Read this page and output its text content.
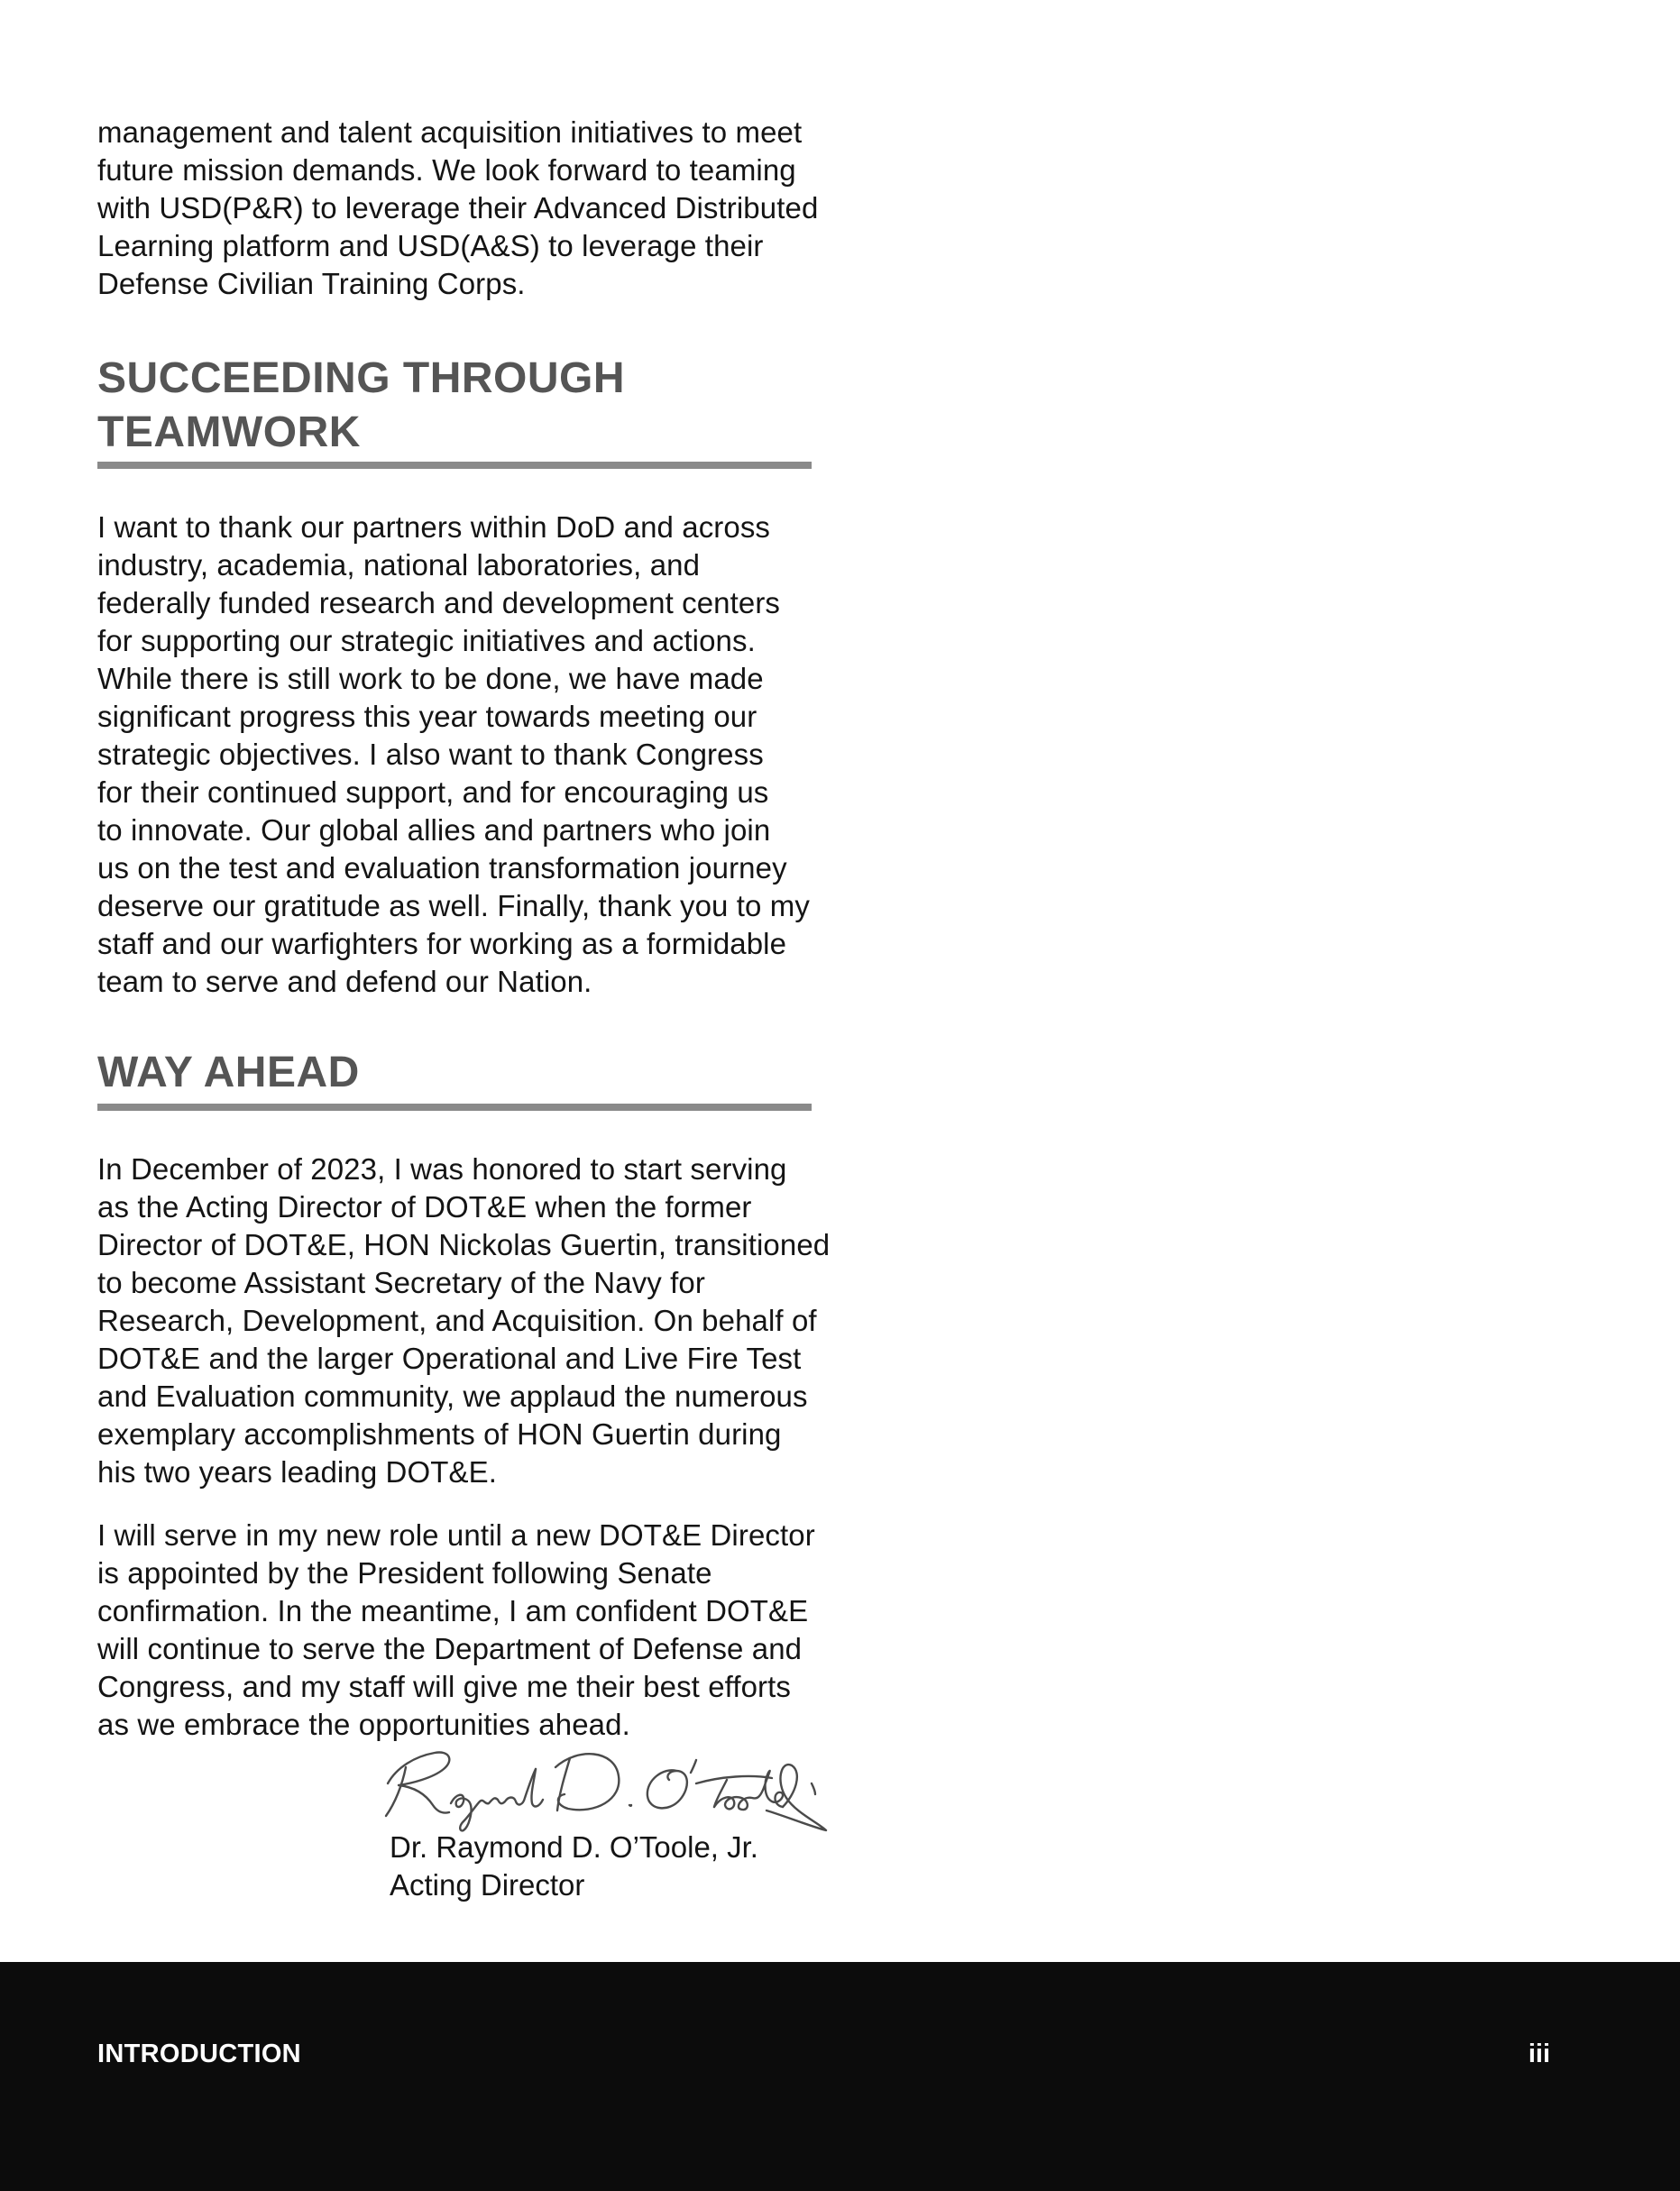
management and talent acquisition initiatives to meet
future mission demands. We look forward to teaming
with USD(P&R) to leverage their Advanced Distributed
Learning platform and USD(A&S) to leverage their
Defense Civilian Training Corps.

SUCCEEDING THROUGH
TEAMWORK

I want to thank our partners within DoD and across
industry, academia, national laboratories, and
federally funded research and development centers
for supporting our strategic initiatives and actions.
While there is still work to be done, we have made
significant progress this year towards meeting our
strategic objectives. I also want to thank Congress
for their continued support, and for encouraging us
to innovate. Our global allies and partners who join
us on the test and evaluation transformation journey
deserve our gratitude as well. Finally, thank you to my
staff and our warfighters for working as a formidable
team to serve and defend our Nation.

WAY AHEAD

In December of 2023, I was honored to start serving
as the Acting Director of DOT&E when the former
Director of DOT&E, HON Nickolas Guertin, transitioned
to become Assistant Secretary of the Navy for
Research, Development, and Acquisition. On behalf of
DOT&E and the larger Operational and Live Fire Test
and Evaluation community, we applaud the numerous
exemplary accomplishments of HON Guertin during
his two years leading DOT&E.

I will serve in my new role until a new DOT&E Director
is appointed by the President following Senate
confirmation. In the meantime, I am confident DOT&E
will continue to serve the Department of Defense and
Congress, and my staff will give me their best efforts
as we embrace the opportunities ahead.

Dr. Raymond D. O’Toole, Jr.
Acting Director
INTRODUCTION	iii
